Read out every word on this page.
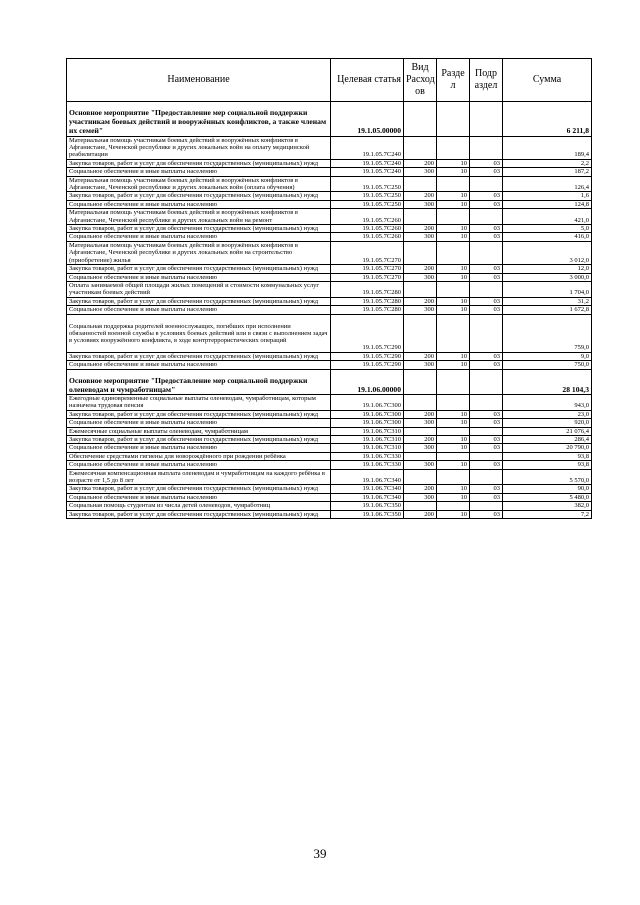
Наименование	Целевая статья	Вид Расход ов	Разде л	Подр аздел	Сумма
Основное мероприятие "Предоставление мер социальной поддержки участникам боевых действий и вооружённых конфликтов, а также членам их семей"	19.1.05.00000				6 211,8
Материальная помощь участникам боевых действий и вооружённых конфликтов в Афганистане, Чеченской республике и других локальных войн на оплату медицинской реабилитации	19.1.05.7С240				189,4
Закупка товаров, работ и услуг для обеспечения государственных (муниципальных) нужд	19.1.05.7С240	200	10	03	2,2
Социальное обеспечение и иные выплаты населению	19.1.05.7С240	300	10	03	187,2
Материальная помощь участникам боевых действий и вооружённых конфликтов в Афганистане, Чеченской республике и других локальных войн (оплата обучения)	19.1.05.7С250				126,4
Закупка товаров, работ и услуг для обеспечения государственных (муниципальных) нужд	19.1.05.7С250	200	10	03	1,6
Социальное обеспечение и иные выплаты населению	19.1.05.7С250	300	10	03	124,8
Материальная помощь участникам боевых действий и вооружённых конфликтов в Афганистане, Чеченской республике и других локальных войн на ремонт	19.1.05.7С260				421,0
Закупка товаров, работ и услуг для обеспечения государственных (муниципальных) нужд	19.1.05.7С260	200	10	03	5,0
Социальное обеспечение и иные выплаты населению	19.1.05.7С260	300	10	03	416,0
Материальная помощь участникам боевых действий и вооружённых конфликтов в Афганистане, Чеченской республике и других локальных войн на строительство (приобретение) жилья	19.1.05.7С270				3 012,0
Закупка товаров, работ и услуг для обеспечения государственных (муниципальных) нужд	19.1.05.7С270	200	10	03	12,0
Социальное обеспечение и иные выплаты населению	19.1.05.7С270	300	10	03	3 000,0
Оплата занимаемой общей площади жилых помещений и стоимости коммунальных услуг участникам боевых действий	19.1.05.7С280				1 704,0
Закупка товаров, работ и услуг для обеспечения государственных (муниципальных) нужд	19.1.05.7С280	200	10	03	31,2
Социальное обеспечение и иные выплаты населению	19.1.05.7С280	300	10	03	1 672,8
Социальная поддержка родителей военнослужащих, погибших при исполнении обязанностей военной службы в условиях боевых действий или в связи с выполнением задач в условиях вооружённого конфликта, в ходе контртеррористических операций	19.1.05.7С290				759,0
Закупка товаров, работ и услуг для обеспечения государственных (муниципальных) нужд	19.1.05.7С290	200	10	03	9,0
Социальное обеспечение и иные выплаты населению	19.1.05.7С290	300	10	03	750,0
Основное мероприятие "Предоставление мер социальной поддержки оленеводам и чумработницам"	19.1.06.00000				28 104,3
Ежегодные единовременные социальные выплаты оленеводам, чумработницам, которым назначена трудовая пенсия	19.1.06.7С300				943,0
Закупка товаров, работ и услуг для обеспечения государственных (муниципальных) нужд	19.1.06.7С300	200	10	03	23,0
Социальное обеспечение и иные выплаты населению	19.1.06.7С300	300	10	03	920,0
Ежемесячные социальные выплаты оленеводам, чумработницам	19.1.06.7С310				21 076,4
Закупка товаров, работ и услуг для обеспечения государственных (муниципальных) нужд	19.1.06.7С310	200	10	03	286,4
Социальное обеспечение и иные выплаты населению	19.1.06.7С310	300	10	03	20 790,0
Обеспечение средствами гигиены для новорождённого при рождении ребёнка	19.1.06.7С330				93,8
Социальное обеспечение и иные выплаты населению	19.1.06.7С330	300	10	03	93,8
Ежемесячная компенсационная выплата оленеводам и чумработницам на каждого ребёнка в возрасте от 1,5 до 8 лет	19.1.06.7С340				5 570,0
Закупка товаров, работ и услуг для обеспечения государственных (муниципальных) нужд	19.1.06.7С340	200	10	03	90,0
Социальное обеспечение и иные выплаты населению	19.1.06.7С340	300	10	03	5 480,0
Социальная помощь студентам из числа детей оленеводов, чумработниц	19.1.06.7С350				382,0
Закупка товаров, работ и услуг для обеспечения государственных (муниципальных) нужд	19.1.06.7С350	200	10	03	7,2
39
